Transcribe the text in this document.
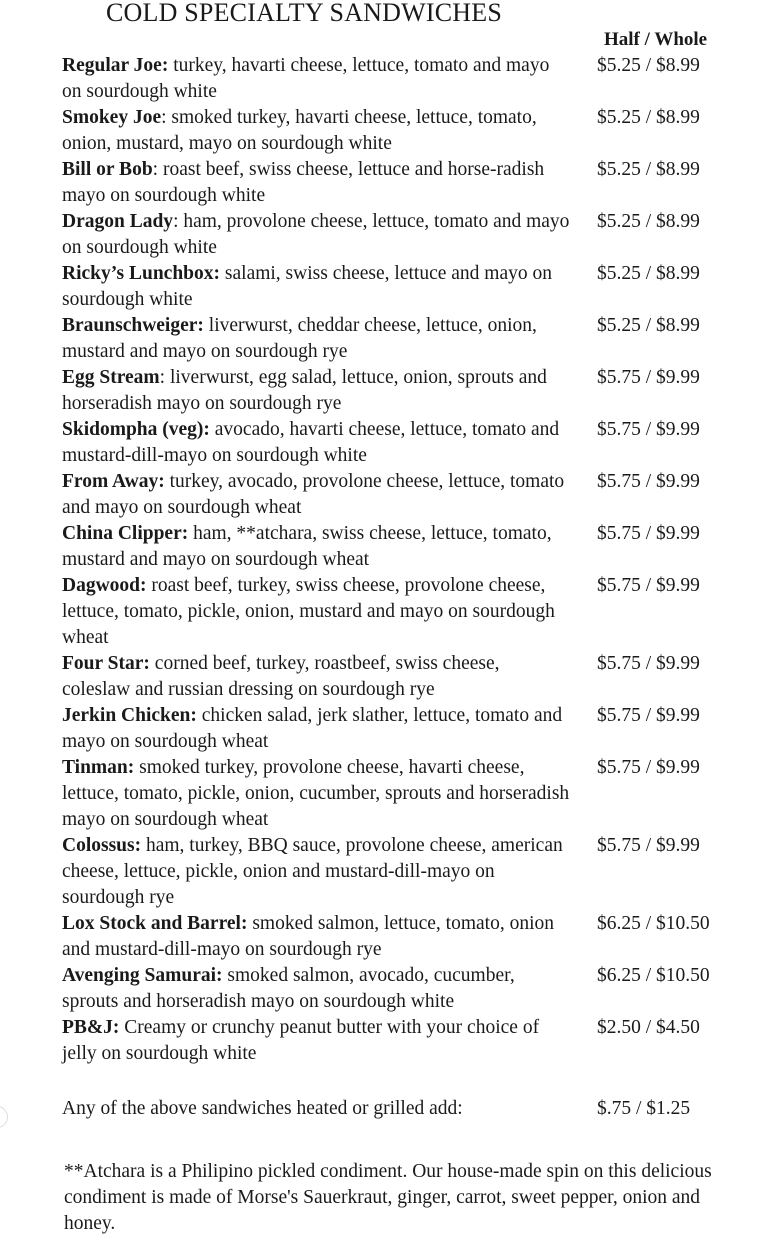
COLD SPECIALTY SANDWICHES
Half / Whole
Regular Joe: turkey, havarti cheese, lettuce, tomato and mayo on sourdough white
$5.25 / $8.99
Smokey Joe: smoked turkey, havarti cheese, lettuce, tomato, onion, mustard, mayo on sourdough white
$5.25 / $8.99
Bill or Bob: roast beef, swiss cheese, lettuce and horse-radish mayo on sourdough white
$5.25 / $8.99
Dragon Lady: ham, provolone cheese, lettuce, tomato and mayo on sourdough white
$5.25 / $8.99
Ricky’s Lunchbox: salami, swiss cheese, lettuce and mayo on sourdough white
$5.25 / $8.99
Braunschweiger: liverwurst, cheddar cheese, lettuce, onion, mustard and mayo on sourdough rye
$5.25 / $8.99
Egg Stream: liverwurst, egg salad, lettuce, onion, sprouts and horseradish mayo on sourdough rye
$5.75 / $9.99
Skidompha (veg): avocado, havarti cheese, lettuce, tomato and mustard-dill-mayo on sourdough white
$5.75 / $9.99
From Away: turkey, avocado, provolone cheese, lettuce, tomato and mayo on sourdough wheat
$5.75 / $9.99
China Clipper: ham, **atchara, swiss cheese, lettuce, tomato, mustard and mayo on sourdough wheat
$5.75 / $9.99
Dagwood: roast beef, turkey, swiss cheese, provolone cheese, lettuce, tomato, pickle, onion, mustard and mayo on sourdough wheat
$5.75 / $9.99
Four Star: corned beef, turkey, roastbeef, swiss cheese, coleslaw and russian dressing on sourdough rye
$5.75 / $9.99
Jerkin Chicken: chicken salad, jerk slather, lettuce, tomato and mayo on sourdough wheat
$5.75 / $9.99
Tinman: smoked turkey, provolone cheese, havarti cheese, lettuce, tomato, pickle, onion, cucumber, sprouts and horseradish mayo on sourdough wheat
$5.75 / $9.99
Colossus: ham, turkey, BBQ sauce, provolone cheese, american cheese, lettuce, pickle, onion and mustard-dill-mayo on sourdough rye
$5.75 / $9.99
Lox Stock and Barrel: smoked salmon, lettuce, tomato, onion and mustard-dill-mayo on sourdough rye
$6.25 / $10.50
Avenging Samurai: smoked salmon, avocado, cucumber, sprouts and horseradish mayo on sourdough white
$6.25 / $10.50
PB&J: Creamy or crunchy peanut butter with your choice of jelly on sourdough white
$2.50 / $4.50
Any of the above sandwiches heated or grilled add:	$.75 / $1.25
**Atchara is a Philipino pickled condiment. Our house-made spin on this delicious condiment is made of Morse's Sauerkraut, ginger, carrot, sweet pepper, onion and honey.
